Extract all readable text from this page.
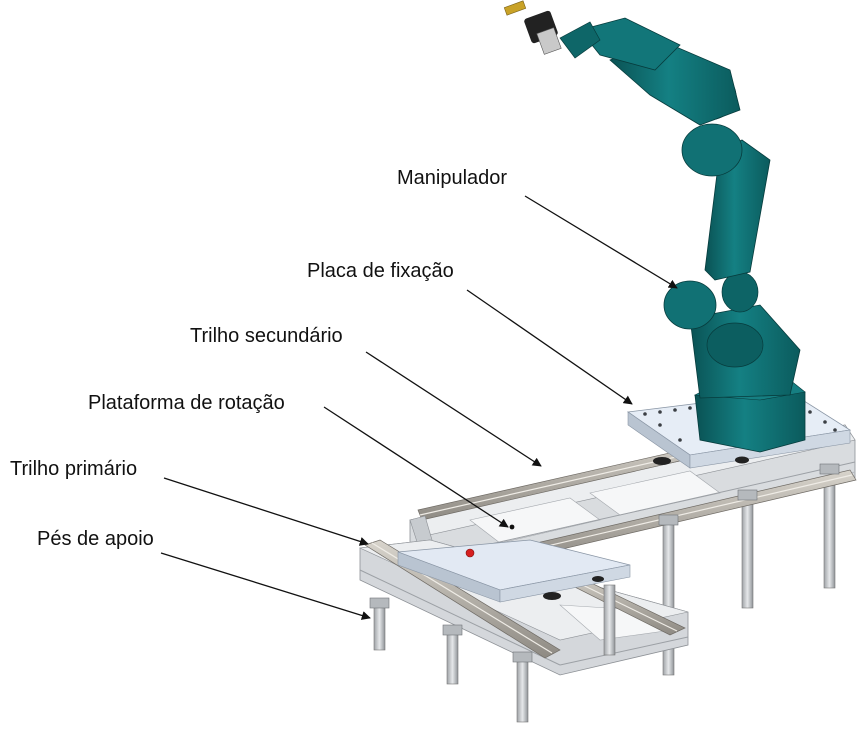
Manipulador
Placa de fixação
Trilho secundário
Plataforma de rotação
Trilho primário
Pés de apoio
